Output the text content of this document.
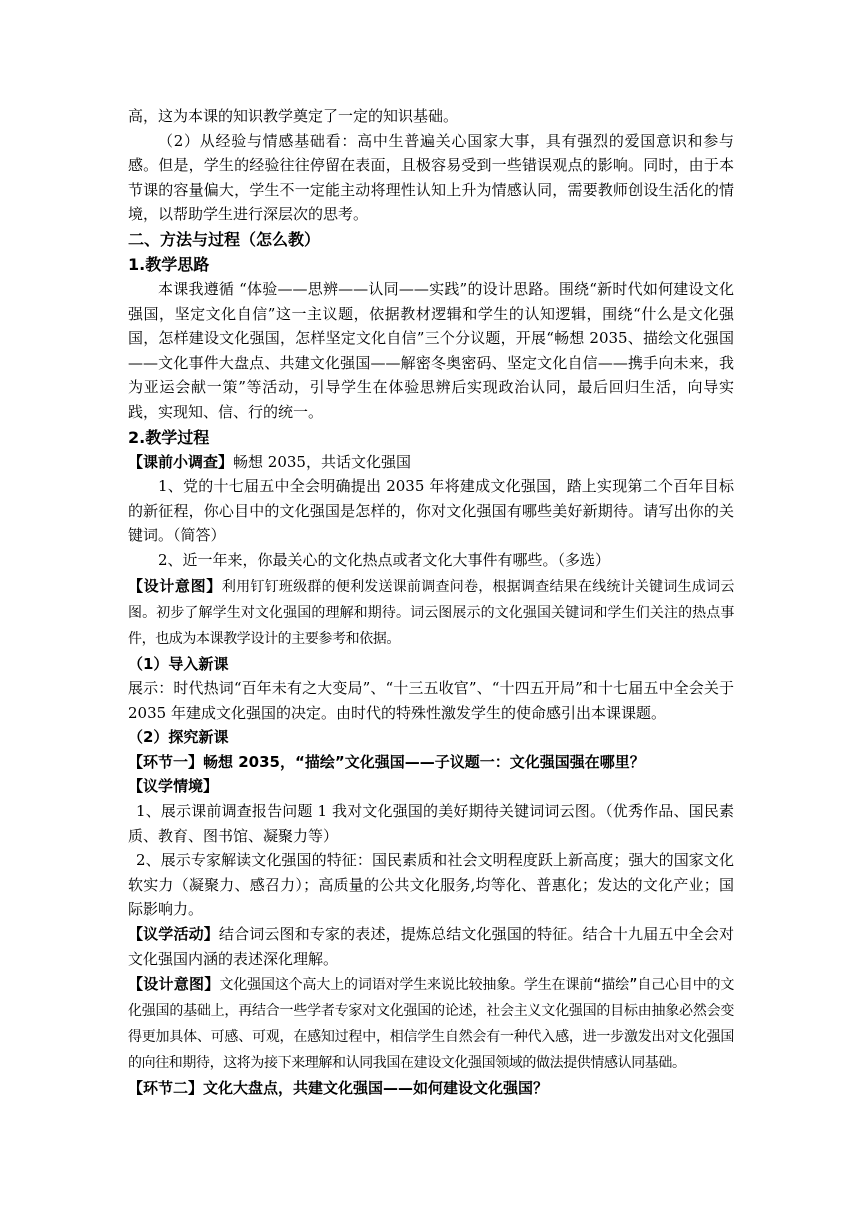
高，这为本课的知识教学奠定了一定的知识基础。

（2）从经验与情感基础看：高中生普遍关心国家大事，具有强烈的爱国意识和参与感。但是，学生的经验往往停留在表面，且极容易受到一些错误观点的影响。同时，由于本节课的容量偏大，学生不一定能主动将理性认知上升为情感认同，需要教师创设生活化的情境，以帮助学生进行深层次的思考。

二、方法与过程（怎么教）

1.教学思路

本课我遵循 “体验——思辨——认同——实践”的设计思路。围绕“新时代如何建设文化强国，坚定文化自信”这一主议题，依据教材逻辑和学生的认知逻辑，围绕“什么是文化强国，怎样建设文化强国，怎样坚定文化自信”三个分议题，开展“畅想 2035、描绘文化强国——文化事件大盘点、共建文化强国——解密冬奥密码、坚定文化自信——携手向未来，我为亚运会献一策”等活动，引导学生在体验思辨后实现政治认同，最后回归生活，向导实践，实现知、信、行的统一。

2.教学过程

【课前小调查】畅想 2035，共话文化强国

1、党的十七届五中全会明确提出 2035 年将建成文化强国，踏上实现第二个百年目标的新征程，你心目中的文化强国是怎样的，你对文化强国有哪些美好新期待。请写出你的关键词。（简答）

2、近一年来，你最关心的文化热点或者文化大事件有哪些。（多选）

【设计意图】利用钉钉班级群的便利发送课前调查问卷，根据调查结果在线统计关键词生成词云图。初步了解学生对文化强国的理解和期待。词云图展示的文化强国关键词和学生们关注的热点事件，也成为本课教学设计的主要参考和依据。

（1）导入新课

展示：时代热词“百年未有之大变局”、“十三五收官”、“十四五开局”和十七届五中全会关于 2035 年建成文化强国的决定。由时代的特殊性激发学生的使命感引出本课课题。

（2）探究新课

【环节一】畅想 2035，“描绘”文化强国——子议题一：文化强国强在哪里？

【议学情境】

1、展示课前调查报告问题 1 我对文化强国的美好期待关键词词云图。（优秀作品、国民素质、教育、图书馆、凝聚力等）

2、展示专家解读文化强国的特征：国民素质和社会文明程度跃上新高度；强大的国家文化软实力（凝聚力、感召力）；高质量的公共文化服务,均等化、普惠化；发达的文化产业；国际影响力。

【议学活动】结合词云图和专家的表述，提炼总结文化强国的特征。结合十九届五中全会对文化强国内涵的表述深化理解。

【设计意图】文化强国这个高大上的词语对学生来说比较抽象。学生在课前“描绘”自己心目中的文化强国的基础上，再结合一些学者专家对文化强国的论述，社会主义文化强国的目标由抽象必然会变得更加具体、可感、可观，在感知过程中，相信学生自然会有一种代入感，进一步激发出对文化强国的向往和期待，这将为接下来理解和认同我国在建设文化强国领域的做法提供情感认同基础。

【环节二】文化大盘点，共建文化强国——如何建设文化强国？
